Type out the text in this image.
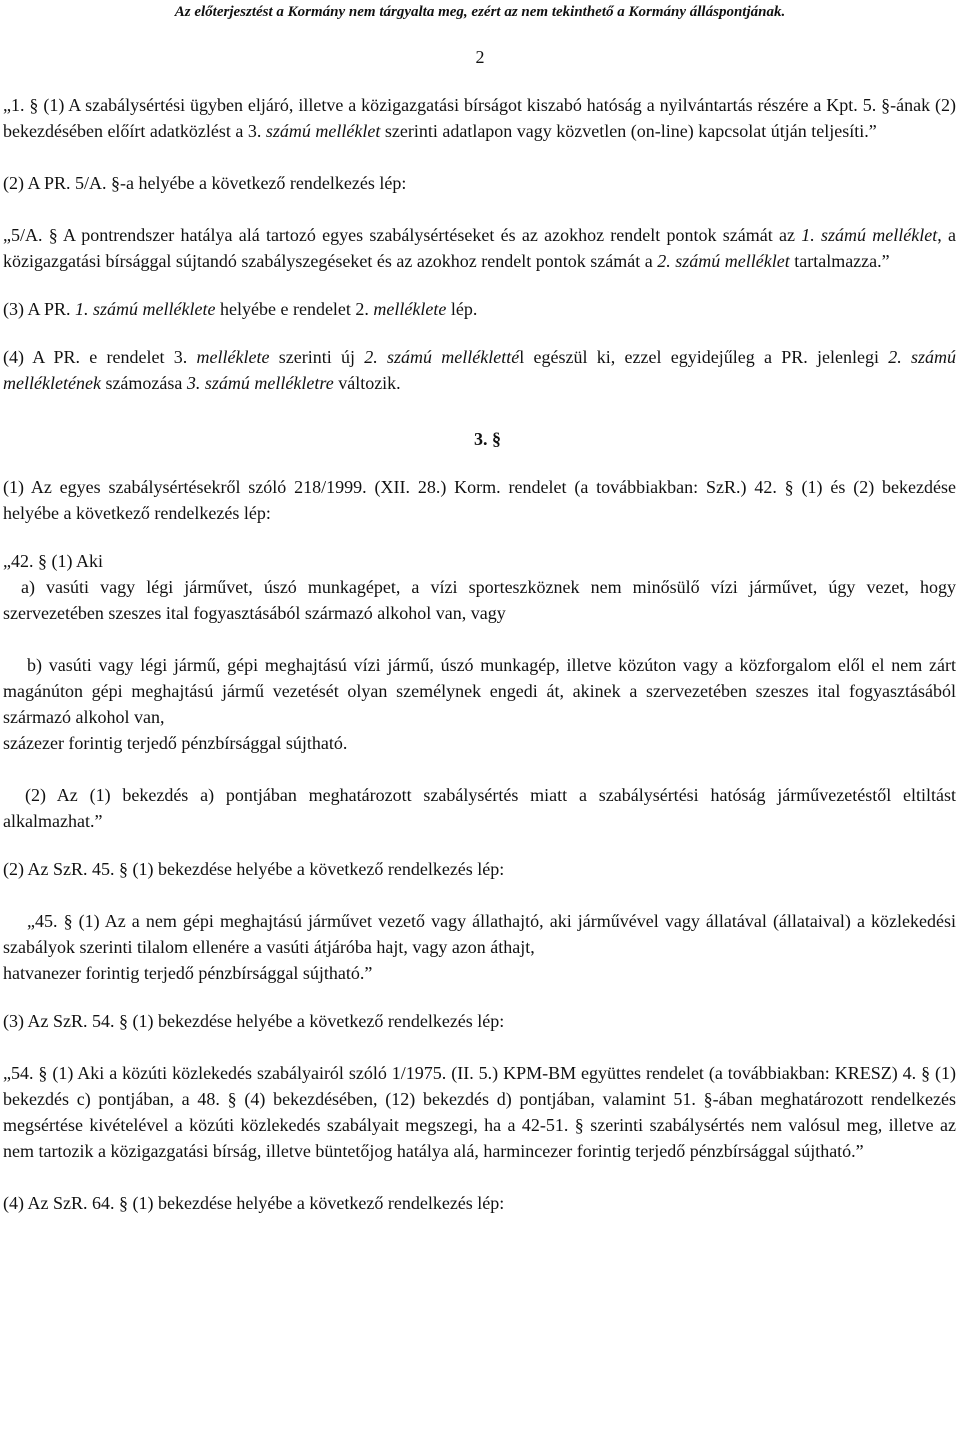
Az előterjesztést a Kormány nem tárgyalta meg, ezért az nem tekinthető a Kormány álláspontjának.
2

„1. § (1) A szabálysértési ügyben eljáró, illetve a közigazgatási bírságot kiszabó hatóság a nyilvántartás részére a Kpt. 5. §-ának (2) bekezdésében előírt adatközlést a 3. számú melléklet szerinti adatlapon vagy közvetlen (on-line) kapcsolat útján teljesíti.”

(2) A PR. 5/A. §-a helyébe a következő rendelkezés lép:

„5/A. § A pontrendszer hatálya alá tartozó egyes szabálysértéseket és az azokhoz rendelt pontok számát az 1. számú melléklet, a közigazgatási bírsággal sújtandó szabályszegéseket és az azokhoz rendelt pontok számát a 2. számú melléklet tartalmazza.”

(3) A PR. 1. számú melléklete helyébe e rendelet 2. melléklete lép.

(4) A PR. e rendelet 3. melléklete szerinti új 2. számú melléklettél egészül ki, ezzel egyidejűleg a PR. jelenlegi 2. számú mellékletének számozása 3. számú mellékletre változik.

3. §

(1) Az egyes szabálysértésekről szóló 218/1999. (XII. 28.) Korm. rendelet (a továbbiakban: SzR.) 42. § (1) és (2) bekezdése helyébe a következő rendelkezés lép:

„42. § (1) Aki

a) vasúti vagy légi járművet, úszó munkagépet, a vízi sporteszköznek nem minősülő vízi járművet, úgy vezet, hogy szervezetében szeszes ital fogyasztásából származó alkohol van, vagy

b) vasúti vagy légi jármű, gépi meghajtású vízi jármű, úszó munkagép, illetve közúton vagy a közforgalom elől el nem zárt magánúton gépi meghajtású jármű vezetését olyan személynek engedi át, akinek a szervezetében szeszes ital fogyasztásából származó alkohol van,

százezer forintig terjedő pénzbírsággal sújtható.

(2) Az (1) bekezdés a) pontjában meghatározott szabálysértés miatt a szabálysértési hatóság járművezetéstől eltiltást alkalmazhat.”

(2) Az SzR. 45. § (1) bekezdése helyébe a következő rendelkezés lép:

„45. § (1) Az a nem gépi meghajtású járművet vezető vagy állathajtó, aki járművével vagy állatával (állataival) a közlekedési szabályok szerinti tilalom ellenére a vasúti átjáróba hajt, vagy azon áthajt,

hatvanezer forintig terjedő pénzbírsággal sújtható.”

(3) Az SzR. 54. § (1) bekezdése helyébe a következő rendelkezés lép:

„54. § (1) Aki a közúti közlekedés szabályairól szóló 1/1975. (II. 5.) KPM-BM együttes rendelet (a továbbiakban: KRESZ) 4. § (1) bekezdés c) pontjában, a 48. § (4) bekezdésében, (12) bekezdés d) pontjában, valamint 51. §-ában meghatározott rendelkezés megsértése kivételével a közúti közlekedés szabályait megszegi, ha a 42-51. § szerinti szabálysértés nem valósul meg, illetve az nem tartozik a közigazgatási bírság, illetve büntetőjog hatálya alá, harmincezer forintig terjedő pénzbírsággal sújtható.”

(4) Az SzR. 64. § (1) bekezdése helyébe a következő rendelkezés lép:
